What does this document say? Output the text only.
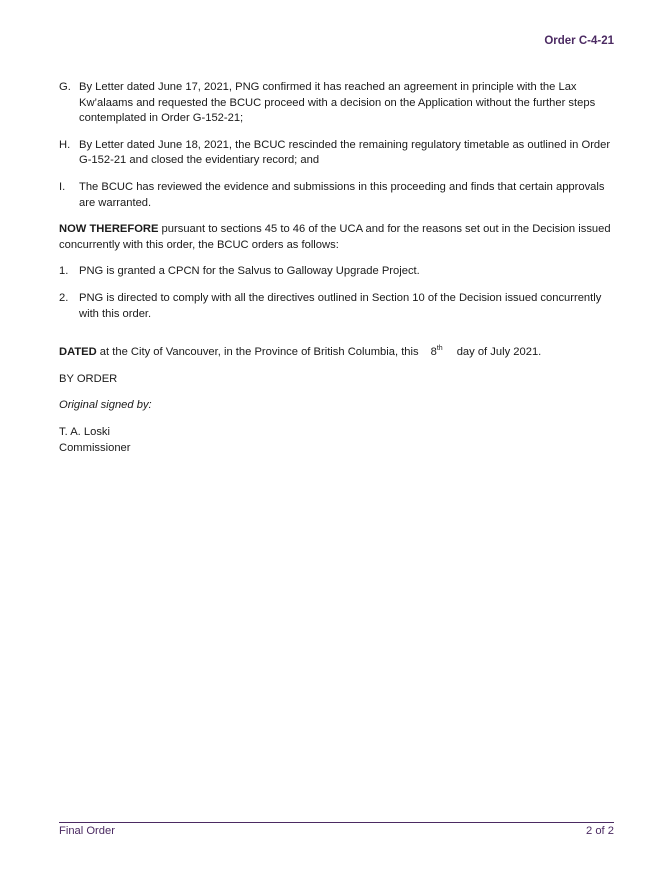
Order C-4-21
G. By Letter dated June 17, 2021, PNG confirmed it has reached an agreement in principle with the Lax Kw’alaams and requested the BCUC proceed with a decision on the Application without the further steps contemplated in Order G-152-21;
H. By Letter dated June 18, 2021, the BCUC rescinded the remaining regulatory timetable as outlined in Order G-152-21 and closed the evidentiary record; and
I.	The BCUC has reviewed the evidence and submissions in this proceeding and finds that certain approvals are warranted.
NOW THEREFORE pursuant to sections 45 to 46 of the UCA and for the reasons set out in the Decision issued concurrently with this order, the BCUC orders as follows:
1. PNG is granted a CPCN for the Salvus to Galloway Upgrade Project.
2. PNG is directed to comply with all the directives outlined in Section 10 of the Decision issued concurrently with this order.
DATED at the City of Vancouver, in the Province of British Columbia, this 8th day of July 2021.
BY ORDER
Original signed by:
T. A. Loski
Commissioner
Final Order	2 of 2
